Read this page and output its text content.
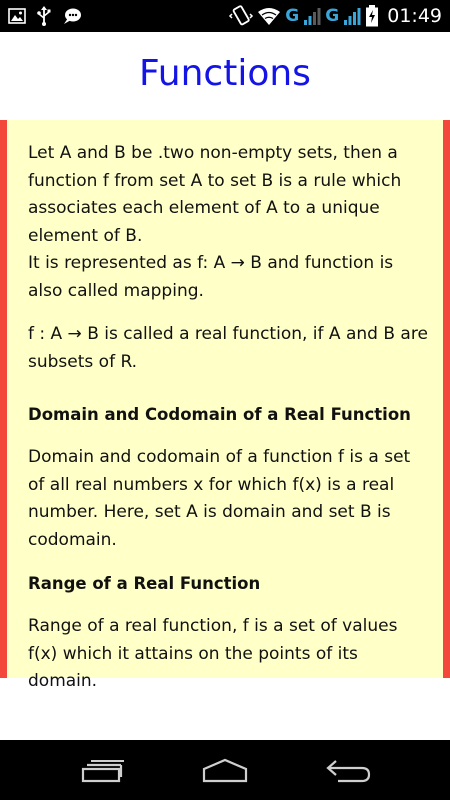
G G	01:49
Functions

Let A and B be .two non-empty sets, then a function f from set A to set B is a rule which associates each element of A to a unique element of B.

It is represented as f: A → B and function is also called mapping.

f : A → B is called a real function, if A and B are subsets of R.

Domain and Codomain of a Real Function

Domain and codomain of a function f is a set of all real numbers x for which f(x) is a real number. Here, set A is domain and set B is codomain.

Range of a Real Function

Range of a real function, f is a set of values f(x) which it attains on the points of its domain.
